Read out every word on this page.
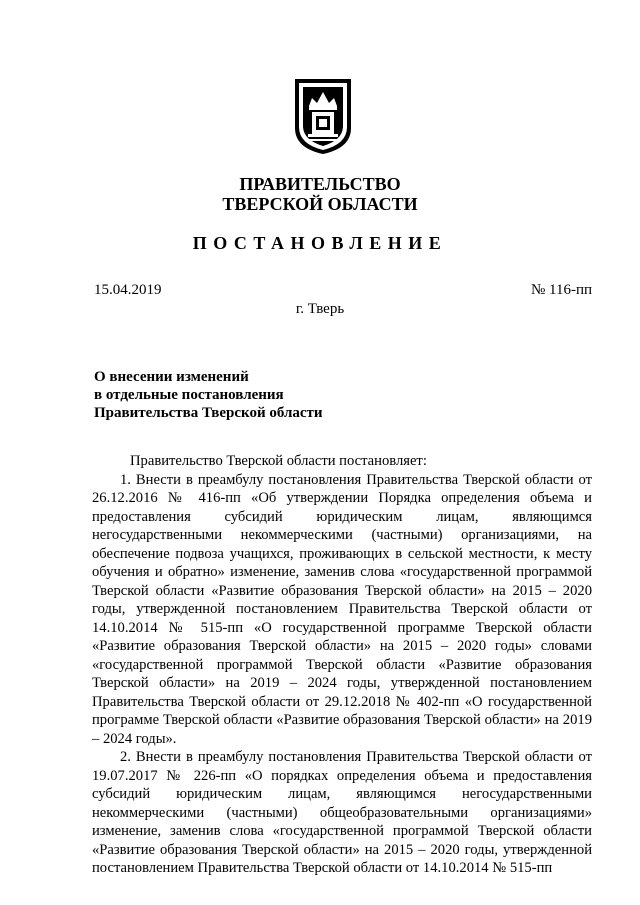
ПРАВИТЕЛЬСТВО
ТВЕРСКОЙ ОБЛАСТИ
ПОСТАНОВЛЕНИЕ
15.04.2019	№ 116-пп
г. Тверь
О внесении изменений
в отдельные постановления
Правительства Тверской области

Правительство Тверской области постановляет:

1. Внести в преамбулу постановления Правительства Тверской области от 26.12.2016 № 416-пп «Об утверждении Порядка определения объема и предоставления субсидий юридическим лицам, являющимся негосударственными некоммерческими (частными) организациями, на обеспечение подвоза учащихся, проживающих в сельской местности, к месту обучения и обратно» изменение, заменив слова «государственной программой Тверской области «Развитие образования Тверской области» на 2015 – 2020 годы, утвержденной постановлением Правительства Тверской области от 14.10.2014 № 515-пп «О государственной программе Тверской области «Развитие образования Тверской области» на 2015 – 2020 годы» словами «государственной программой Тверской области «Развитие образования Тверской области» на 2019 – 2024 годы, утвержденной постановлением Правительства Тверской области от 29.12.2018 № 402-пп «О государственной программе Тверской области «Развитие образования Тверской области» на 2019 – 2024 годы».

2. Внести в преамбулу постановления Правительства Тверской области от 19.07.2017 № 226-пп «О порядках определения объема и предоставления субсидий юридическим лицам, являющимся негосударственными некоммерческими (частными) общеобразовательными организациями» изменение, заменив слова «государственной программой Тверской области «Развитие образования Тверской области» на 2015 – 2020 годы, утвержденной постановлением Правительства Тверской области от 14.10.2014 № 515-пп
